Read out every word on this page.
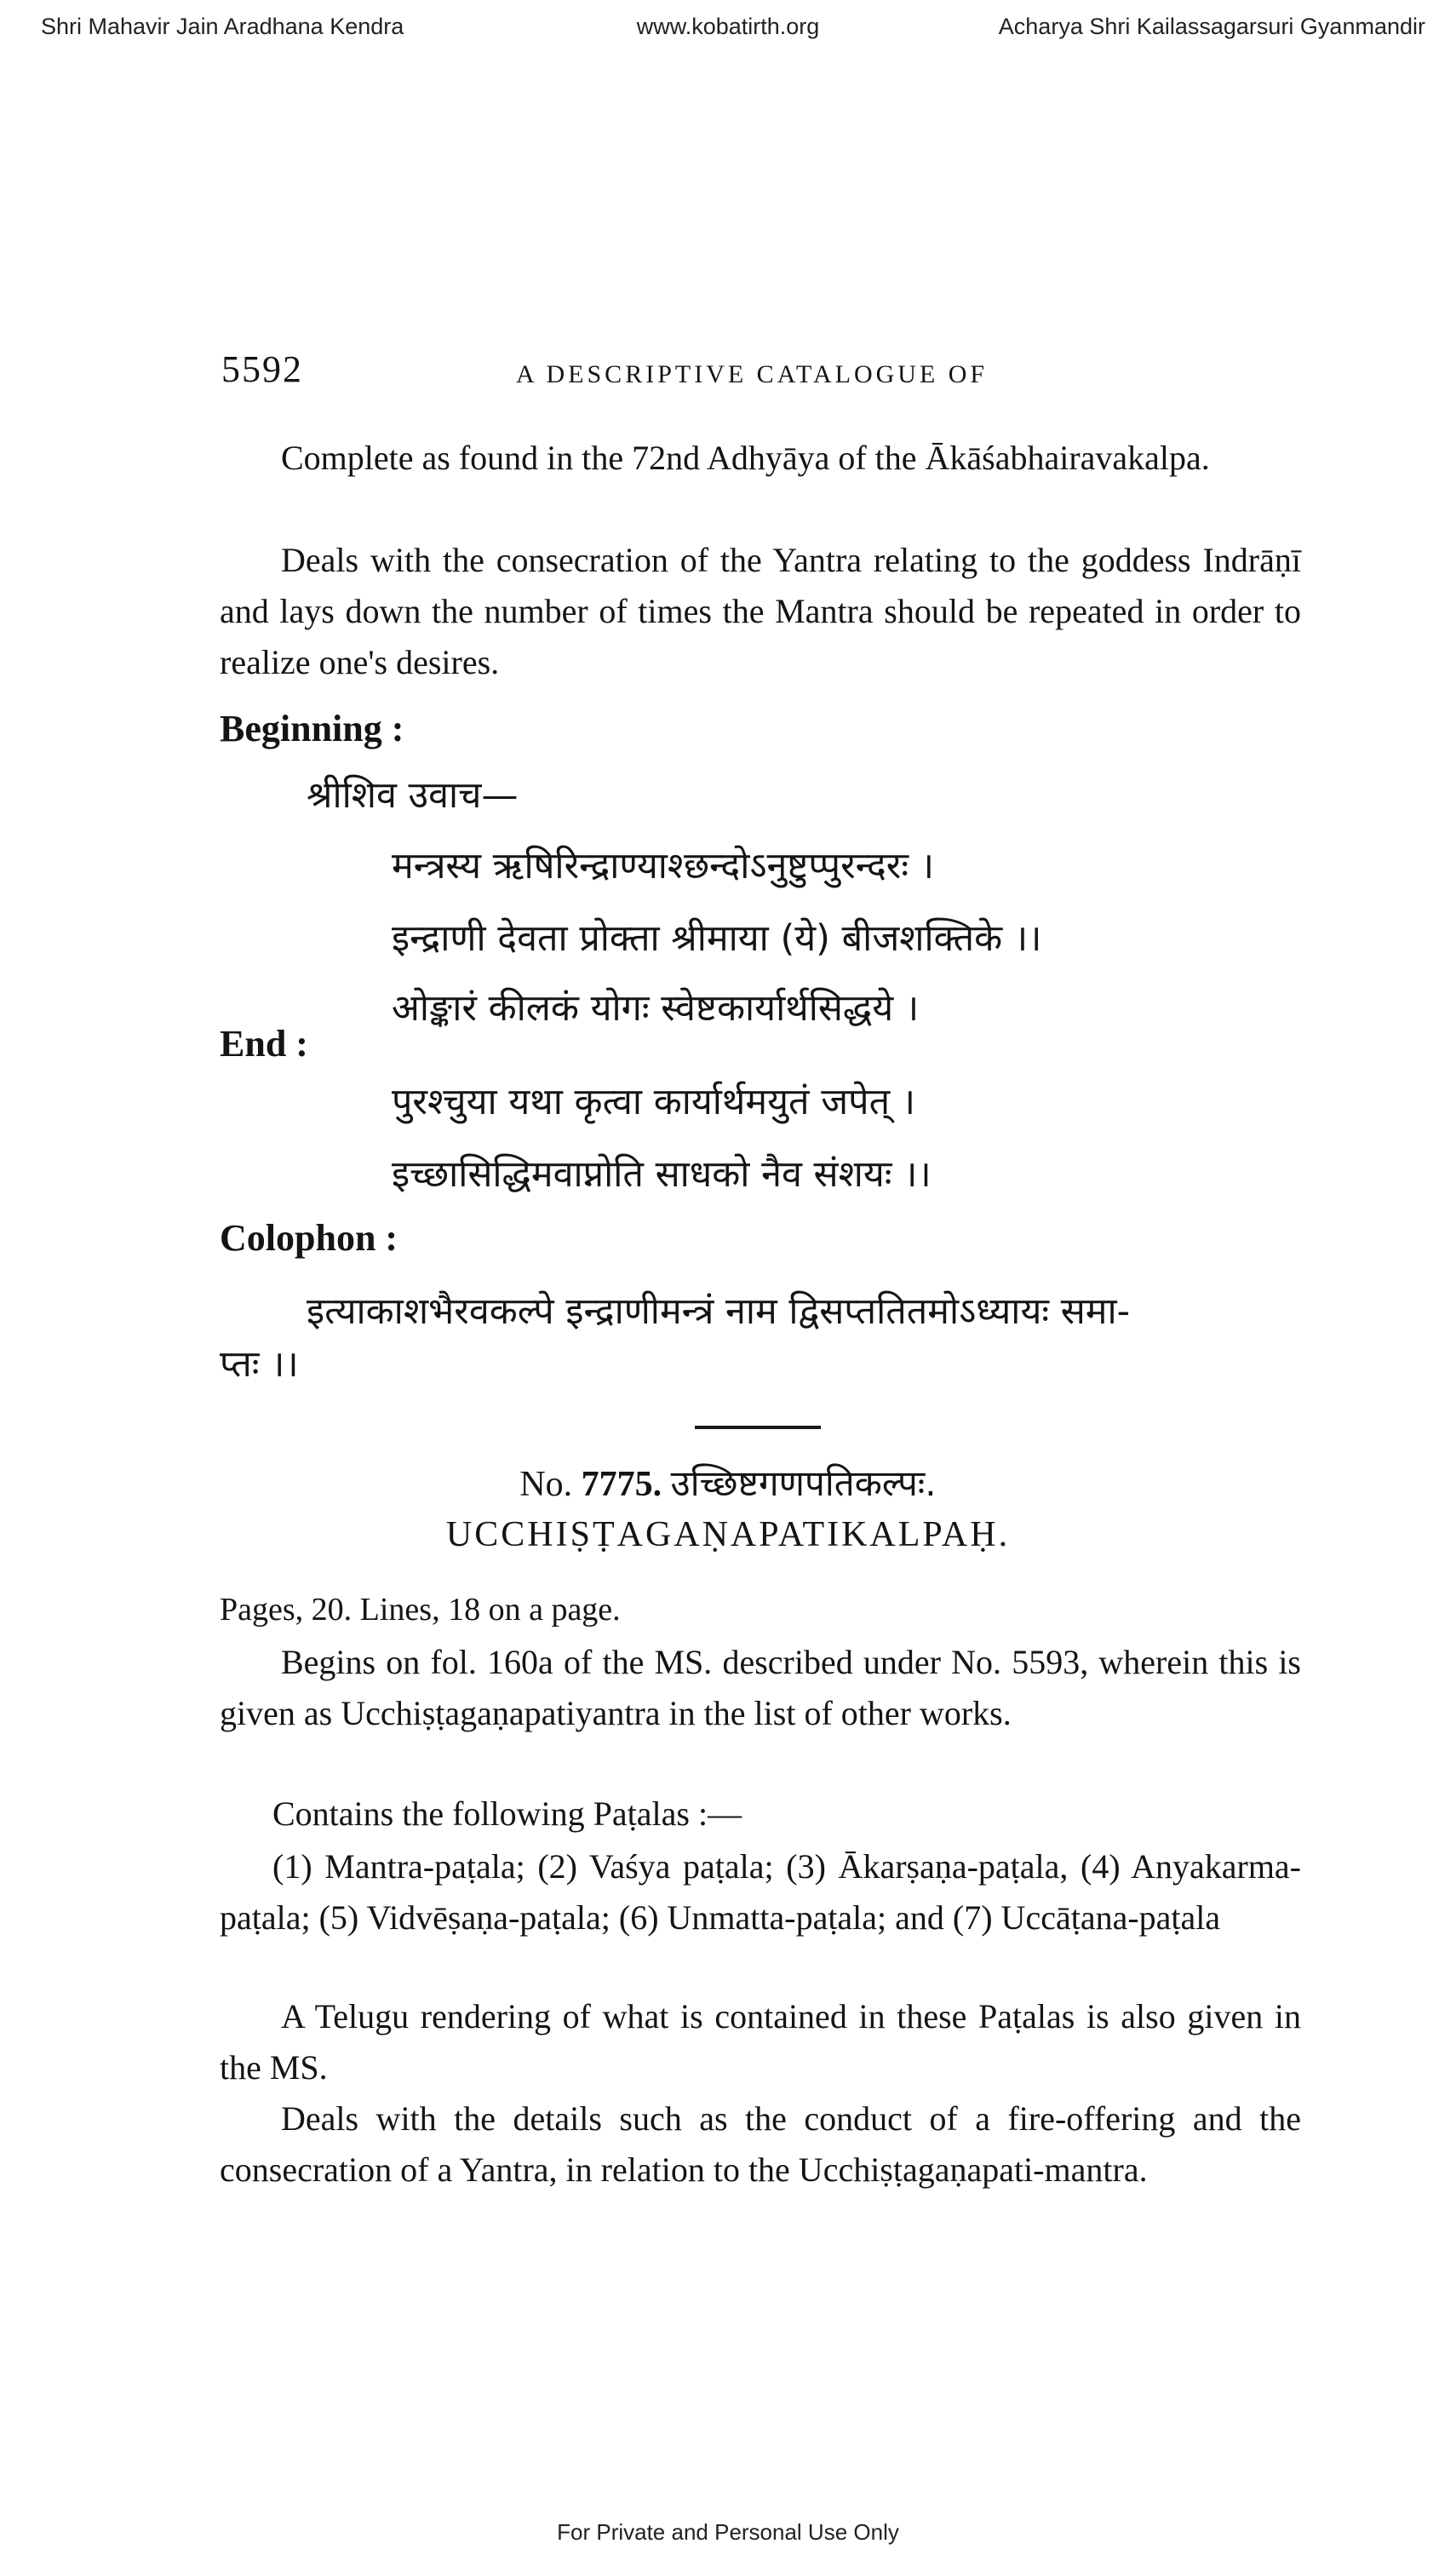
Shri Mahavir Jain Aradhana Kendra	www.kobatirth.org	Acharya Shri Kailassagarsuri Gyanmandir
5592	A DESCRIPTIVE CATALOGUE OF

Complete as found in the 72nd Adhyāya of the Ākāśabhairavakalpa.

Deals with the consecration of the Yantra relating to the goddess Indrāṇī and lays down the number of times the Mantra should be repeated in order to realize one's desires.

Beginning :
श्रीशिव उवाच—
मन्त्रस्य ऋषिरिन्द्राण्याश्छन्दोऽनुष्टुप्पुरन्दरः ।
इन्द्राणी देवता प्रोक्ता श्रीमाया (ये) बीजशक्तिके ।।
ओङ्कारं कीलकं योगः स्वेष्टकार्यार्थसिद्धये ।
End :
पुरश्चुया यथा कृत्वा कार्यार्थमयुतं जपेत् ।
इच्छासिद्धिमवाप्नोति साधको नैव संशयः ।।
Colophon :
इत्याकाशभैरवकल्पे इन्द्राणीमन्त्रं नाम द्विसप्ततितमोऽध्यायः समा-
प्तः ।।
No. 7775. उच्छिष्टगणपतिकल्पः.
UCCHIṢṬAGAṆAPATIKALPAḤ.
Pages, 20. Lines, 18 on a page.

Begins on fol. 160a of the MS. described under No. 5593, wherein this is given as Ucchiṣṭagaṇapatiyantra in the list of other works.

Contains the following Paṭalas :—

(1) Mantra-paṭala; (2) Vaśya paṭala; (3) Ākarṣaṇa-paṭala, (4) Anyakarma-paṭala; (5) Vidvēṣaṇa-paṭala; (6) Unmatta-paṭala; and (7) Uccāṭana-paṭala

A Telugu rendering of what is contained in these Paṭalas is also given in the MS.

Deals with the details such as the conduct of a fire-offering and the consecration of a Yantra, in relation to the Ucchiṣṭagaṇapati-mantra.

For Private and Personal Use Only
